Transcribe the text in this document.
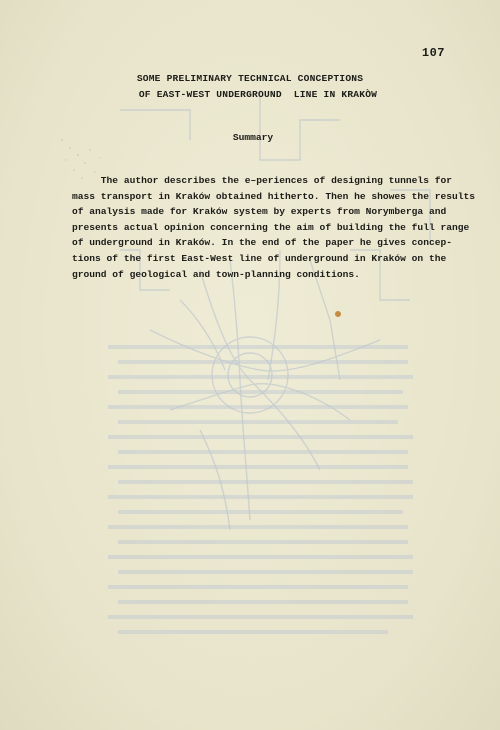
107
SOME PRELIMINARY TECHNICAL CONCEPTIONS
OF EAST-WEST UNDERGROUND  LINE IN KRAKÒW
Summary
The author describes the e–periences of designing tunnels for
mass transport in Kraków obtained hitherto. Then he showes the results
of analysis made for Kraków system by experts from Norymberga and
presents actual opinion concerning the aim of building the full range
of underground in Kraków. In the end of the paper he gives concep-
tions of the first East-West line of underground in Kraków on the
ground of geological and town-planning conditions.
